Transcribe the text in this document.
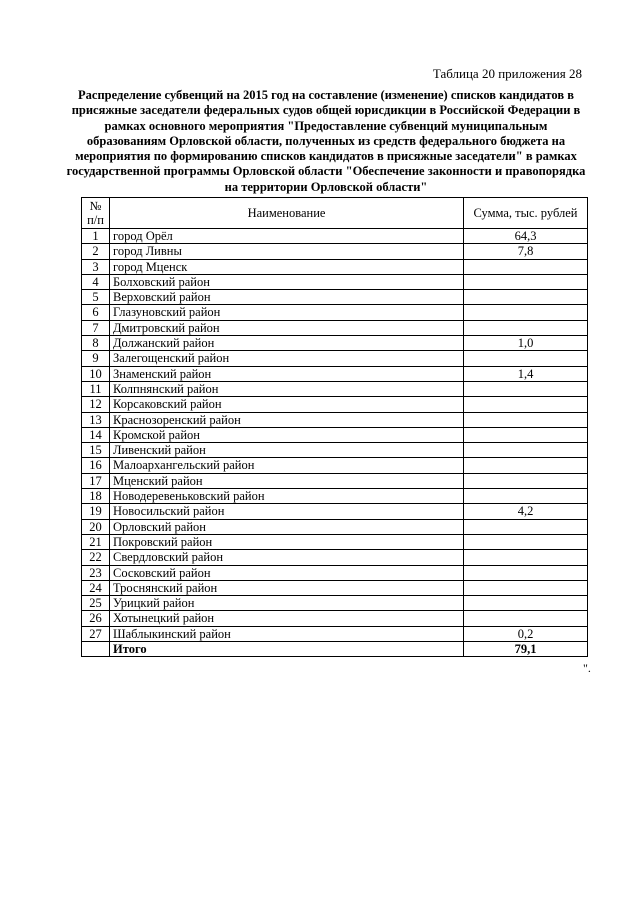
Таблица 20 приложения 28
Распределение субвенций на 2015 год на составление (изменение) списков кандидатов в присяжные заседатели федеральных судов общей юрисдикции в Российской Федерации в рамках основного мероприятия "Предоставление субвенций муниципальным образованиям Орловской области, полученных из средств федерального бюджета на мероприятия по формированию списков кандидатов в присяжные заседатели" в рамках государственной программы Орловской области "Обеспечение законности и правопорядка на территории Орловской области"
№ п/п	Наименование	Сумма, тыс. рублей
1	город Орёл	64,3
2	город Ливны	7,8
3	город Мценск	
4	Болховский район	
5	Верховский район	
6	Глазуновский район	
7	Дмитровский район	
8	Должанский район	1,0
9	Залегощенский район	
10	Знаменский район	1,4
11	Колпнянский район	
12	Корсаковский район	
13	Краснозоренский район	
14	Кромской район	
15	Ливенский район	
16	Малоархангельский район	
17	Мценский район	
18	Новодеревеньковский район	
19	Новосильский район	4,2
20	Орловский район	
21	Покровский район	
22	Свердловский район	
23	Сосковский район	
24	Троснянский район	
25	Урицкий район	
26	Хотынецкий район	
27	Шаблыкинский район	0,2
	Итого	79,1
".
